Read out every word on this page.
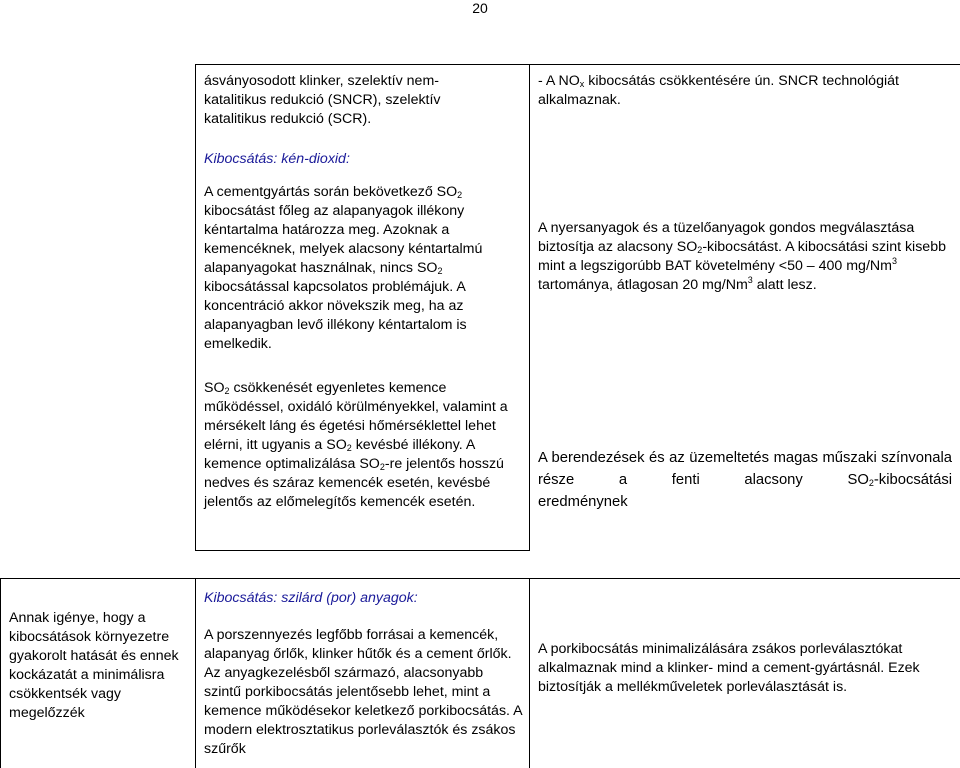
20

ásványosodott klinker, szelektív nem-katalitikus redukció (SNCR), szelektív katalitikus redukció (SCR).

- A $NO_x$ kibocsátás csökkentésére ún. SNCR technológiát alkalmaznak.

Kibocsátás: kén-dioxid:

A cementgyártás során bekövetkező $SO_2$ kibocsátást főleg az alapanyagok illékony kéntartalma határozza meg. Azoknak a kemencéknek, melyek alacsony kéntartalmú alapanyagokat használnak, nincs $SO_2$ kibocsátással kapcsolatos problémájuk. A koncentráció akkor növekszik meg, ha az alapanyagban levő illékony kéntartalom is emelkedik.

A nyersanyagok és a tüzelőanyagok gondos megválasztása biztosítja az alacsony $SO_2$-kibocsátást. A kibocsátási szint kisebb mint a legszigorúbb BAT követelmény <50 – 400 mg/Nm$^3$ tartománya, átlagosan 20 mg/Nm$^3$ alatt lesz.

$SO_2$ csökkenését egyenletes kemence működéssel, oxidáló körülményekkel, valamint a mérsékelt láng és égetési hőmérséklettel lehet elérni, itt ugyanis a $SO_2$ kevésbé illékony. A kemence optimalizálása $SO_2-re$ jelentős hosszú nedves és száraz kemencék esetén, kevésbé jelentős az előmelegítős kemencék esetén.

A berendezések és az üzemeltetés magas műszaki színvonala része a fenti alacsony $SO_2$-kibocsátási

eredménynek

Annak igénye, hogy a kibocsátások környezetre gyakorolt hatását és ennek kockázatát a minimálisra csökkentsék vagy megelőzzék

Kibocsátás: szilárd (por) anyagok:

A porszennyezés legfőbb forrásai a kemencék, alapanyag őrlők, klinker hűtők és a cement őrlők. Az anyagkezelésből származó, alacsonyabb szintű porkibocsátás jelentősebb lehet, mint a kemence működésekor keletkező porkibocsátás. A modern elektrosztatikus porleválasztók és zsákos szűrők

A porkibocsátás minimalizálására zsákos porleválasztókat alkalmaznak mind a klinker- mind a cement-gyártásnál. Ezek biztosítják a mellékműveletek porleválasztását is.
